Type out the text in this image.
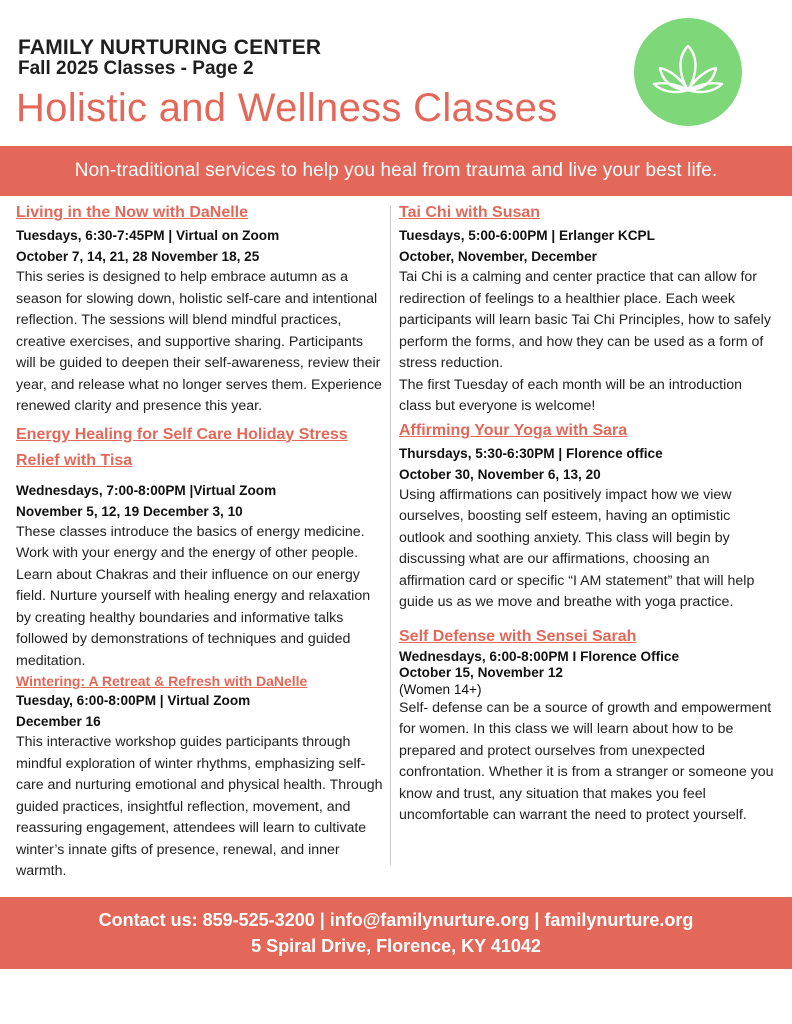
FAMILY NURTURING CENTER
Fall 2025 Classes - Page 2
Holistic and Wellness Classes
Non-traditional services to help you heal from trauma and live your best life.
Living in the Now with DaNelle
Tuesdays, 6:30-7:45PM | Virtual on Zoom
October 7, 14, 21, 28 November 18, 25
This series is designed to help embrace autumn as a season for slowing down, holistic self-care and intentional reflection. The sessions will blend mindful practices, creative exercises, and supportive sharing. Participants will be guided to deepen their self-awareness, review their year, and release what no longer serves them. Experience renewed clarity and presence this year.
Energy Healing for Self Care Holiday Stress Relief with Tisa
Wednesdays, 7:00-8:00PM |Virtual Zoom
November 5, 12, 19 December 3, 10
These classes introduce the basics of energy medicine. Work with your energy and the energy of other people. Learn about Chakras and their influence on our energy field. Nurture yourself with healing energy and relaxation by creating healthy boundaries and informative talks followed by demonstrations of techniques and guided meditation.
Wintering: A Retreat & Refresh with DaNelle
Tuesday, 6:00-8:00PM | Virtual Zoom
December 16
This interactive workshop guides participants through mindful exploration of winter rhythms, emphasizing self-care and nurturing emotional and physical health. Through guided practices, insightful reflection, movement, and reassuring engagement, attendees will learn to cultivate winter’s innate gifts of presence, renewal, and inner warmth.
Tai Chi with Susan
Tuesdays, 5:00-6:00PM | Erlanger KCPL
October, November, December
Tai Chi is a calming and center practice that can allow for redirection of feelings to a healthier place. Each week participants will learn basic Tai Chi Principles, how to safely perform the forms, and how they can be used as a form of stress reduction.
The first Tuesday of each month will be an introduction class but everyone is welcome!
Affirming Your Yoga with Sara
Thursdays, 5:30-6:30PM | Florence office
October 30, November 6, 13, 20
Using affirmations can positively impact how we view ourselves, boosting self esteem, having an optimistic outlook and soothing anxiety. This class will begin by discussing what are our affirmations, choosing an affirmation card or specific “I AM statement” that will help guide us as we move and breathe with yoga practice.
Self Defense with Sensei Sarah
Wednesdays, 6:00-8:00PM I Florence Office
October 15, November 12
(Women 14+)
Self- defense can be a source of growth and empowerment for women. In this class we will learn about how to be prepared and protect ourselves from unexpected confrontation. Whether it is from a stranger or someone you know and trust, any situation that makes you feel uncomfortable can warrant the need to protect yourself.
Contact us: 859-525-3200 | info@familynurture.org | familynurture.org
5 Spiral Drive, Florence, KY 41042
